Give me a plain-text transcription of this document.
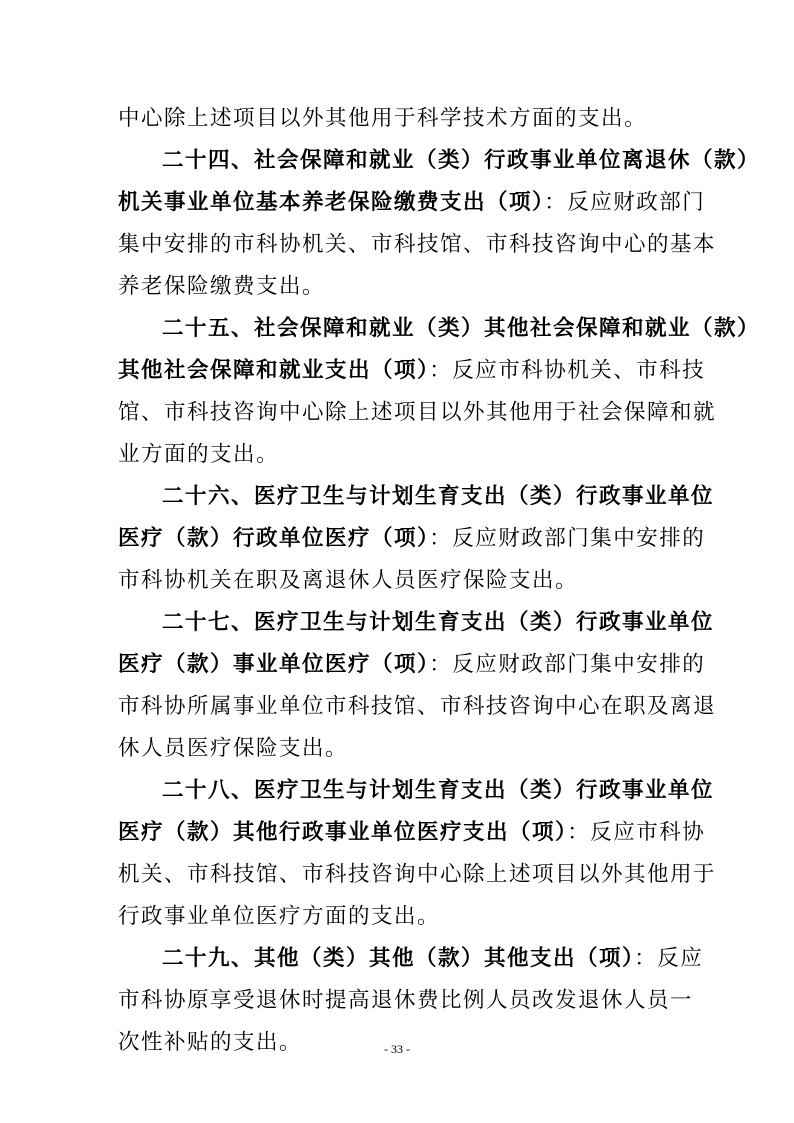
中心除上述项目以外其他用于科学技术方面的支出。
二十四、社会保障和就业（类）行政事业单位离退休（款）
机关事业单位基本养老保险缴费支出（项）：反应财政部门
集中安排的市科协机关、市科技馆、市科技咨询中心的基本
养老保险缴费支出。
二十五、社会保障和就业（类）其他社会保障和就业（款）
其他社会保障和就业支出（项）：反应市科协机关、市科技
馆、市科技咨询中心除上述项目以外其他用于社会保障和就
业方面的支出。
二十六、医疗卫生与计划生育支出（类）行政事业单位
医疗（款）行政单位医疗（项）：反应财政部门集中安排的
市科协机关在职及离退休人员医疗保险支出。
二十七、医疗卫生与计划生育支出（类）行政事业单位
医疗（款）事业单位医疗（项）：反应财政部门集中安排的
市科协所属事业单位市科技馆、市科技咨询中心在职及离退
休人员医疗保险支出。
二十八、医疗卫生与计划生育支出（类）行政事业单位
医疗（款）其他行政事业单位医疗支出（项）：反应市科协
机关、市科技馆、市科技咨询中心除上述项目以外其他用于
行政事业单位医疗方面的支出。
二十九、其他（类）其他（款）其他支出（项）：反应
市科协原享受退休时提高退休费比例人员改发退休人员一
次性补贴的支出。	- 33 -
